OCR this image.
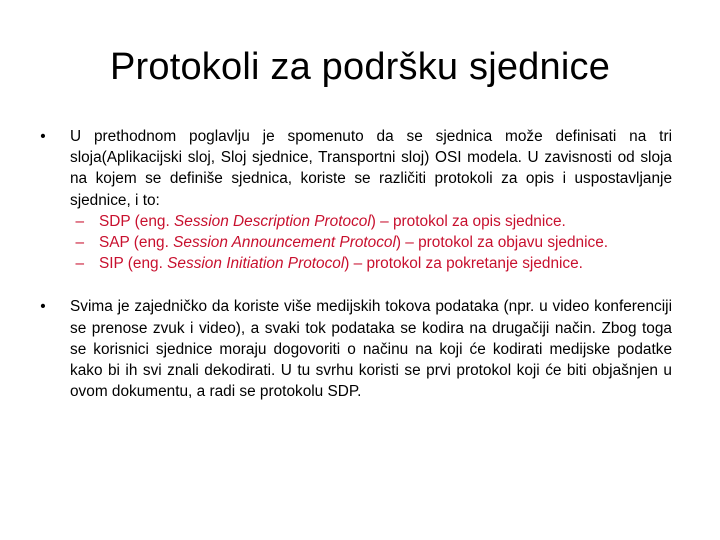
Protokoli za podršku sjednice
• U prethodnom poglavlju je spomenuto da se sjednica može definisati na tri sloja(Aplikacijski sloj, Sloj sjednice, Transportni sloj) OSI modela. U zavisnosti od sloja na kojem se definiše sjednica, koriste se različiti protokoli za opis i uspostavljanje sjednice, i to:
– SDP (eng. Session Description Protocol) – protokol za opis sjednice.
– SAP (eng. Session Announcement Protocol) – protokol za objavu sjednice.
– SIP (eng. Session Initiation Protocol) – protokol za pokretanje sjednice.
• Svima je zajedničko da koriste više medijskih tokova podataka (npr. u video konferenciji se prenose zvuk i video), a svaki tok podataka se kodira na drugačiji način. Zbog toga se korisnici sjednice moraju dogovoriti o načinu na koji će kodirati medijske podatke kako bi ih svi znali dekodirati. U tu svrhu koristi se prvi protokol koji će biti objašnjen u ovom dokumentu, a radi se protokolu SDP.
